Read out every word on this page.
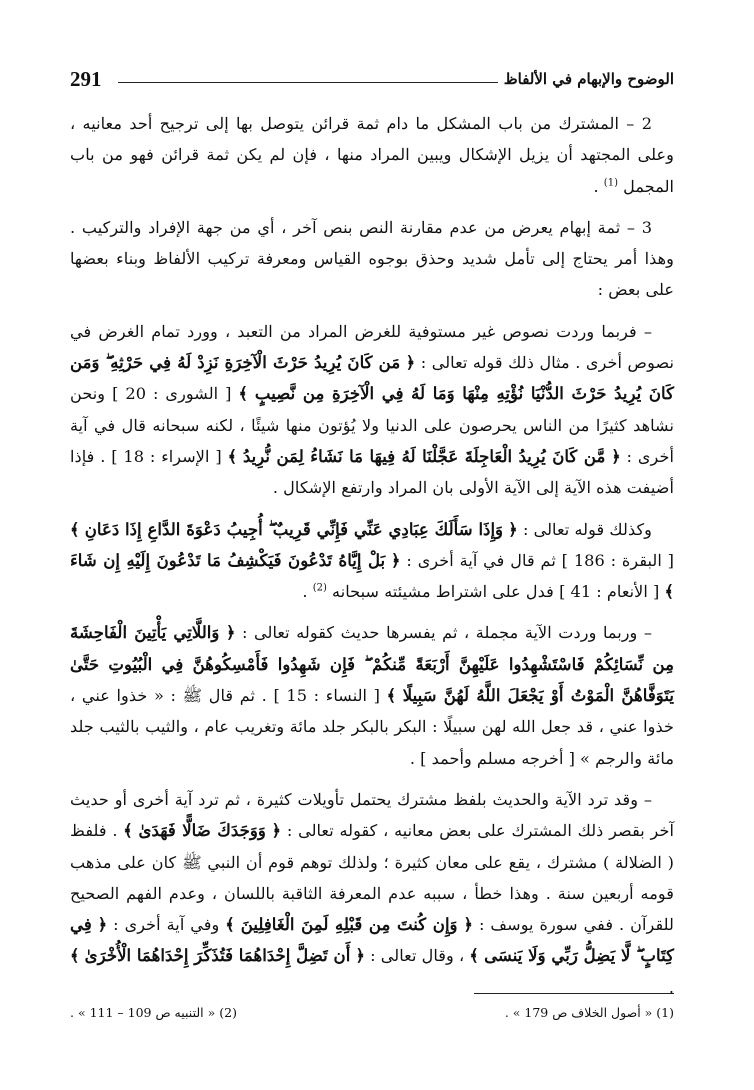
291	الوضوح والإبهام في الألفاظ

2 – المشترك من باب المشكل ما دام ثمة قرائن يتوصل بها إلى ترجيح أحد معانيه ، وعلى المجتهد أن يزيل الإشكال ويبين المراد منها ، فإن لم يكن ثمة قرائن فهو من باب المجمل $^{(1)}$ .

3 – ثمة إبهام يعرض من عدم مقارنة النص بنص آخر ، أي من جهة الإفراد والتركيب . وهذا أمر يحتاج إلى تأمل شديد وحذق بوجوه القياس ومعرفة تركيب الألفاظ وبناء بعضها على بعض :

– فربما وردت نصوص غير مستوفية للغرض المراد من التعبد ، وورد تمام الغرض في نصوص أخرى . مثال ذلك قوله تعالى : ﴿ مَن كَانَ يُرِيدُ حَرْثَ الْآخِرَةِ نَزِدْ لَهُ فِي حَرْثِهِ ۖ وَمَن كَانَ يُرِيدُ حَرْثَ الدُّنْيَا نُؤْتِهِ مِنْهَا وَمَا لَهُ فِي الْآخِرَةِ مِن نَّصِيبٍ ﴾ [ الشورى : 20 ] ونحن نشاهد كثيرًا من الناس يحرصون على الدنيا ولا يُؤتون منها شيئًا ، لكنه سبحانه قال في آية أخرى : ﴿ مَّن كَانَ يُرِيدُ الْعَاجِلَةَ عَجَّلْنَا لَهُ فِيهَا مَا نَشَاءُ لِمَن نُّرِيدُ ﴾ [ الإسراء : 18 ] . فإذا أضيفت هذه الآية إلى الآية الأولى بان المراد وارتفع الإشكال .

وكذلك قوله تعالى : ﴿ وَإِذَا سَأَلَكَ عِبَادِي عَنِّي فَإِنِّي قَرِيبٌ ۖ أُجِيبُ دَعْوَةَ الدَّاعِ إِذَا دَعَانِ ﴾ [ البقرة : 186 ] ثم قال في آية أخرى : ﴿ بَلْ إِيَّاهُ تَدْعُونَ فَيَكْشِفُ مَا تَدْعُونَ إِلَيْهِ إِن شَاءَ ﴾ [ الأنعام : 41 ] فدل على اشتراط مشيئته سبحانه $^{(2)}$ .

– وربما وردت الآية مجملة ، ثم يفسرها حديث كقوله تعالى : ﴿ وَاللَّاتِي يَأْتِينَ الْفَاحِشَةَ مِن نِّسَائِكُمْ فَاسْتَشْهِدُوا عَلَيْهِنَّ أَرْبَعَةً مِّنكُمْ ۖ فَإِن شَهِدُوا فَأَمْسِكُوهُنَّ فِي الْبُيُوتِ حَتَّىٰ يَتَوَفَّاهُنَّ الْمَوْتُ أَوْ يَجْعَلَ اللَّهُ لَهُنَّ سَبِيلًا ﴾ [ النساء : 15 ] . ثم قال ﷺ : « خذوا عني ، خذوا عني ، قد جعل الله لهن سبيلًا : البكر بالبكر جلد مائة وتغريب عام ، والثيب بالثيب جلد مائة والرجم » [ أخرجه مسلم وأحمد ] .

– وقد ترد الآية والحديث بلفظ مشترك يحتمل تأويلات كثيرة ، ثم ترد آية أخرى أو حديث آخر بقصر ذلك المشترك على بعض معانيه ، كقوله تعالى : ﴿ وَوَجَدَكَ ضَالًّا فَهَدَىٰ ﴾ . فلفظ ( الضلالة ) مشترك ، يقع على معان كثيرة ؛ ولذلك توهم قوم أن النبي ﷺ كان على مذهب قومه أربعين سنة . وهذا خطأ ، سببه عدم المعرفة الثاقبة باللسان ، وعدم الفهم الصحيح للقرآن . ففي سورة يوسف : ﴿ وَإِن كُنتَ مِن قَبْلِهِ لَمِنَ الْغَافِلِينَ ﴾ وفي آية أخرى : ﴿ فِي كِتَابٍ ۖ لَّا يَضِلُّ رَبِّي وَلَا يَنسَى ﴾ ، وقال تعالى : ﴿ أَن تَضِلَّ إِحْدَاهُمَا فَتُذَكِّرَ إِحْدَاهُمَا الْأُخْرَىٰ ﴾ .

(1) « أصول الخلاف ص 179 » .
(2) « التنبيه ص 109 – 111 » .
